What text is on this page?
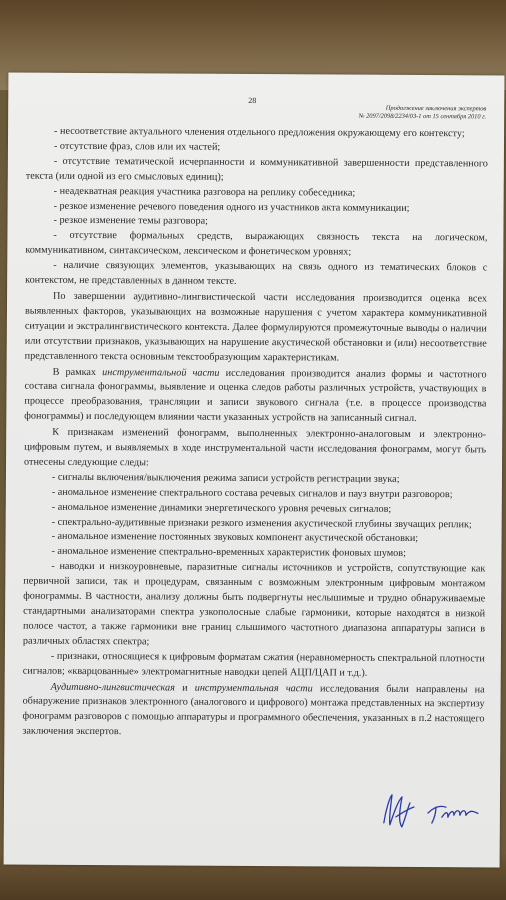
28
Продолжение заключения экспертов
№ 2097/2098/2234/03-1 от 15 сентября 2010 г.

- несоответствие актуального членения отдельного предложения окружающему его контексту;

- отсутствие фраз, слов или их частей;

- отсутствие тематической исчерпанности и коммуникативной завершенности представленного текста (или одной из его смысловых единиц);

- неадекватная реакция участника разговора на реплику собеседника;

- резкое изменение речевого поведения одного из участников акта коммуникации;

- резкое изменение темы разговора;

- отсутствие формальных средств, выражающих связность текста на логическом, коммуникативном, синтаксическом, лексическом и фонетическом уровнях;

- наличие связующих элементов, указывающих на связь одного из тематических блоков с контекстом, не представленных в данном тексте.

По завершении аудитивно-лингвистической части исследования производится оценка всех выявленных факторов, указывающих на возможные нарушения с учетом характера коммуникативной ситуации и экстралингвистического контекста. Далее формулируются промежуточные выводы о наличии или отсутствии признаков, указывающих на нарушение акустической обстановки и (или) несоответствие представленного текста основным текстообразующим характеристикам.

В рамках инструментальной части исследования производится анализ формы и частотного состава сигнала фонограммы, выявление и оценка следов работы различных устройств, участвующих в процессе преобразования, трансляции и записи звукового сигнала (т.е. в процессе производства фонограммы) и последующем влиянии части указанных устройств на записанный сигнал.

К признакам изменений фонограмм, выполненных электронно-аналоговым и электронно-цифровым путем, и выявляемых в ходе инструментальной части исследования фонограмм, могут быть отнесены следующие следы:

- сигналы включения/выключения режима записи устройств регистрации звука;

- аномальное изменение спектрального состава речевых сигналов и пауз внутри разговоров;

- аномальное изменение динамики энергетического уровня речевых сигналов;

- спектрально-аудитивные признаки резкого изменения акустической глубины звучащих реплик;

- аномальное изменение постоянных звуковых компонент акустической обстановки;

- аномальное изменение спектрально-временных характеристик фоновых шумов;

- наводки и низкоуровневые, паразитные сигналы источников и устройств, сопутствующие как первичной записи, так и процедурам, связанным с возможным электронным цифровым монтажом фонограммы. В частности, анализу должны быть подвергнуты неслышимые и трудно обнаруживаемые стандартными анализаторами спектра узкополосные слабые гармоники, которые находятся в низкой полосе частот, а также гармоники вне границ слышимого частотного диапазона аппаратуры записи в различных областях спектра;

- признаки, относящиеся к цифровым форматам сжатия (неравномерность спектральной плотности сигналов; «кварцованные» электромагнитные наводки цепей АЦП/ЦАП и т.д.).

Аудитивно-лингвистическая и инструментальная части исследования были направлены на обнаружение признаков электронного (аналогового и цифрового) монтажа представленных на экспертизу фонограмм разговоров с помощью аппаратуры и программного обеспечения, указанных в п.2 настоящего заключения экспертов.
